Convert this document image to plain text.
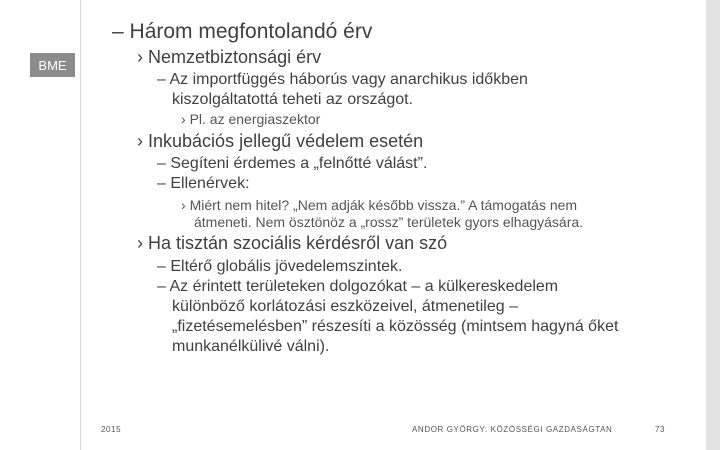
BME
– Három megfontolandó érv
› Nemzetbiztonsági érv
– Az importfüggés háborús vagy anarchikus időkben
kiszolgáltatottá teheti az országot.
› Pl. az energiaszektor
› Inkubációs jellegű védelem esetén
– Segíteni érdemes a „felnőtté válást”.
– Ellenérvek:
› Miért nem hitel? „Nem adják később vissza.” A támogatás nem
átmeneti. Nem ösztönöz a „rossz” területek gyors elhagyására.
› Ha tisztán szociális kérdésről van szó
– Eltérő globális jövedelemszintek.
– Az érintett területeken dolgozókat – a külkereskedelem
különböző korlátozási eszközeivel, átmenetileg –
„fizetésemelésben” részesíti a közösség (mintsem hagyná őket
munkanélkülivé válni).
2015	ANDOR GYÖRGY: KÖZÖSSÉGI GAZDASÁGTAN	73
